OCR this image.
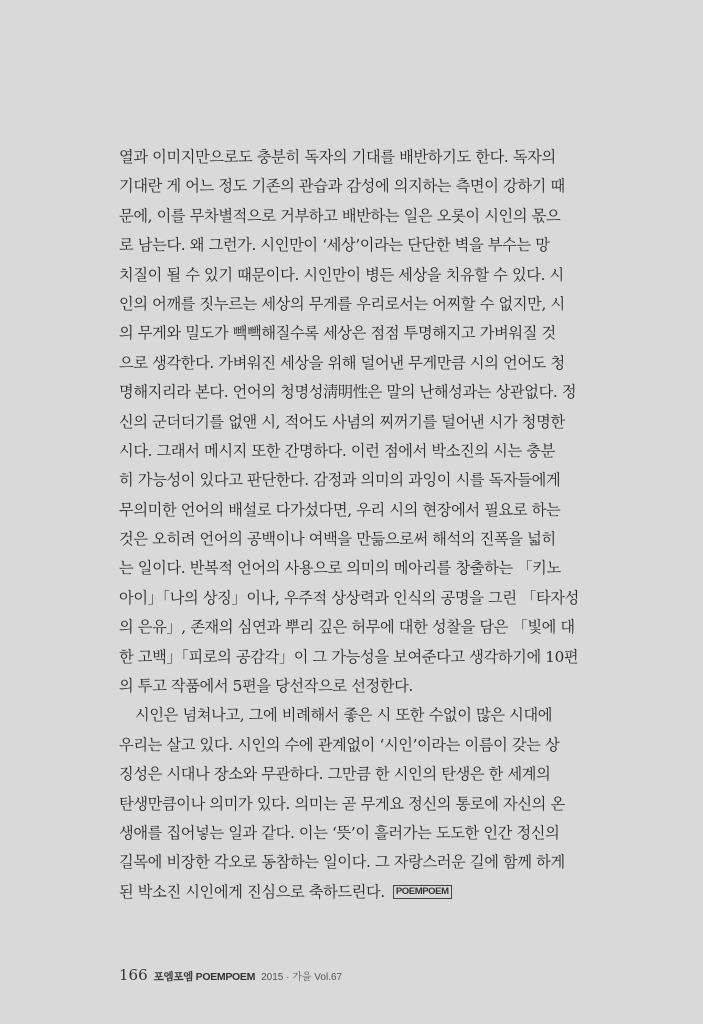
열과 이미지만으로도 충분히 독자의 기대를 배반하기도 한다. 독자의
기대란 게 어느 정도 기존의 관습과 감성에 의지하는 측면이 강하기 때
문에, 이를 무차별적으로 거부하고 배반하는 일은 오롯이 시인의 몫으
로 남는다. 왜 그런가. 시인만이 ‘세상’이라는 단단한 벽을 부수는 망
치질이 될 수 있기 때문이다. 시인만이 병든 세상을 치유할 수 있다. 시
인의 어깨를 짓누르는 세상의 무게를 우리로서는 어찌할 수 없지만, 시
의 무게와 밀도가 빽빽해질수록 세상은 점점 투명해지고 가벼워질 것
으로 생각한다. 가벼워진 세상을 위해 덜어낸 무게만큼 시의 언어도 청
명해지리라 본다. 언어의 청명성淸明性은 말의 난해성과는 상관없다. 정
신의 군더더기를 없앤 시, 적어도 사념의 찌꺼기를 덜어낸 시가 청명한
시다. 그래서 메시지 또한 간명하다. 이런 점에서 박소진의 시는 충분
히 가능성이 있다고 판단한다. 감정과 의미의 과잉이 시를 독자들에게
무의미한 언어의 배설로 다가섰다면, 우리 시의 현장에서 필요로 하는
것은 오히려 언어의 공백이나 여백을 만듦으로써 해석의 진폭을 넓히
는 일이다. 반복적 언어의 사용으로 의미의 메아리를 창출하는 「키노
아이」「나의 상징」이나, 우주적 상상력과 인식의 공명을 그린 「타자성
의 은유」, 존재의 심연과 뿌리 깊은 허무에 대한 성찰을 담은 「빛에 대
한 고백」「피로의 공감각」이 그 가능성을 보여준다고 생각하기에 10편
의 투고 작품에서 5편을 당선작으로 선정한다.
시인은 넘쳐나고, 그에 비례해서 좋은 시 또한 수없이 많은 시대에
우리는 살고 있다. 시인의 수에 관계없이 ‘시인’이라는 이름이 갖는 상
징성은 시대나 장소와 무관하다. 그만큼 한 시인의 탄생은 한 세계의
탄생만큼이나 의미가 있다. 의미는 곧 무게요 정신의 통로에 자신의 온
생애를 집어넣는 일과 같다. 이는 ‘뜻’이 흘러가는 도도한 인간 정신의
길목에 비장한 각오로 동참하는 일이다. 그 자랑스러운 길에 함께 하게
된 박소진 시인에게 진심으로 축하드린다.	POEMPOEM
166 포엠포엠 POEMPOEM 2015 · 가을 Vol.67
